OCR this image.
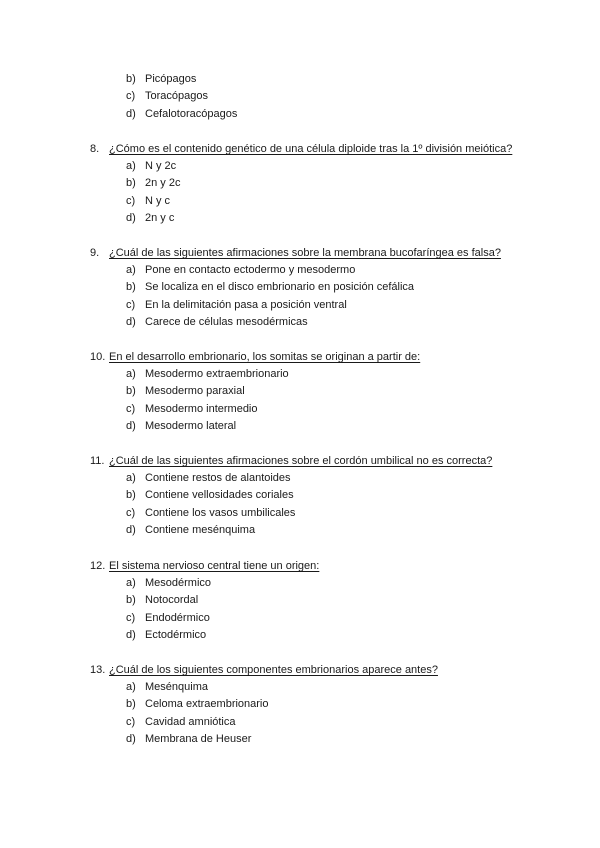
b) Picópagos
c) Toracópagos
d) Cefalotoracópagos
8. ¿Cómo es el contenido genético de una célula diploide tras la 1º división meiótica?
a) N y 2c
b) 2n y 2c
c) N y c
d) 2n y c
9. ¿Cuál de las siguientes afirmaciones sobre la membrana bucofaríngea es falsa?
a) Pone en contacto ectodermo y mesodermo
b) Se localiza en el disco embrionario en posición cefálica
c) En la delimitación pasa a posición ventral
d) Carece de células mesodérmicas
10. En el desarrollo embrionario, los somitas se originan a partir de:
a) Mesodermo extraembrionario
b) Mesodermo paraxial
c) Mesodermo intermedio
d) Mesodermo lateral
11. ¿Cuál de las siguientes afirmaciones sobre el cordón umbilical no es correcta?
a) Contiene restos de alantoides
b) Contiene vellosidades coriales
c) Contiene los vasos umbilicales
d) Contiene mesénquima
12. El sistema nervioso central tiene un origen:
a) Mesodérmico
b) Notocordal
c) Endodérmico
d) Ectodérmico
13. ¿Cuál de los siguientes componentes embrionarios aparece antes?
a) Mesénquima
b) Celoma extraembrionario
c) Cavidad amniótica
d) Membrana de Heuser
